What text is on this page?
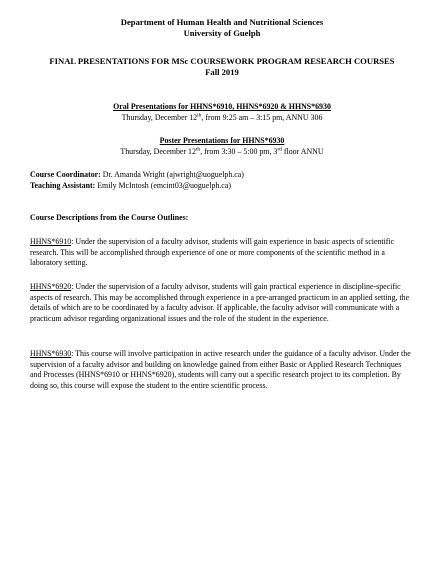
Department of Human Health and Nutritional Sciences

University of Guelph

FINAL PRESENTATIONS FOR MSc COURSEWORK PROGRAM RESEARCH COURSES

Fall 2019

Oral Presentations for HHNS*6910, HHNS*6920 & HHNS*6930

Thursday, December 12th, from 9:25 am – 3:15 pm, ANNU 306

Poster Presentations for HHNS*6930

Thursday, December 12th, from 3:30 – 5:00 pm, 3rd floor ANNU

Course Coordinator: Dr. Amanda Wright (ajwright@uoguelph.ca)

Teaching Assistant: Emily McIntosh (emcint03@uoguelph.ca)

Course Descriptions from the Course Outlines:

HHNS*6910: Under the supervision of a faculty advisor, students will gain experience in basic aspects of scientific research. This will be accomplished through experience of one or more components of the scientific method in a laboratory setting.

HHNS*6920: Under the supervision of a faculty advisor, students will gain practical experience in discipline-specific aspects of research. This may be accomplished through experience in a pre-arranged practicum in an applied setting, the details of which are to be coordinated by a faculty advisor. If applicable, the faculty advisor will communicate with a practicum advisor regarding organizational issues and the role of the student in the experience.

HHNS*6930: This course will involve participation in active research under the guidance of a faculty advisor. Under the supervision of a faculty advisor and building on knowledge gained from either Basic or Applied Research Techniques and Processes (HHNS*6910 or HHNS*6920), students will carry out a specific research project to its completion. By doing so, this course will expose the student to the entire scientific process.
